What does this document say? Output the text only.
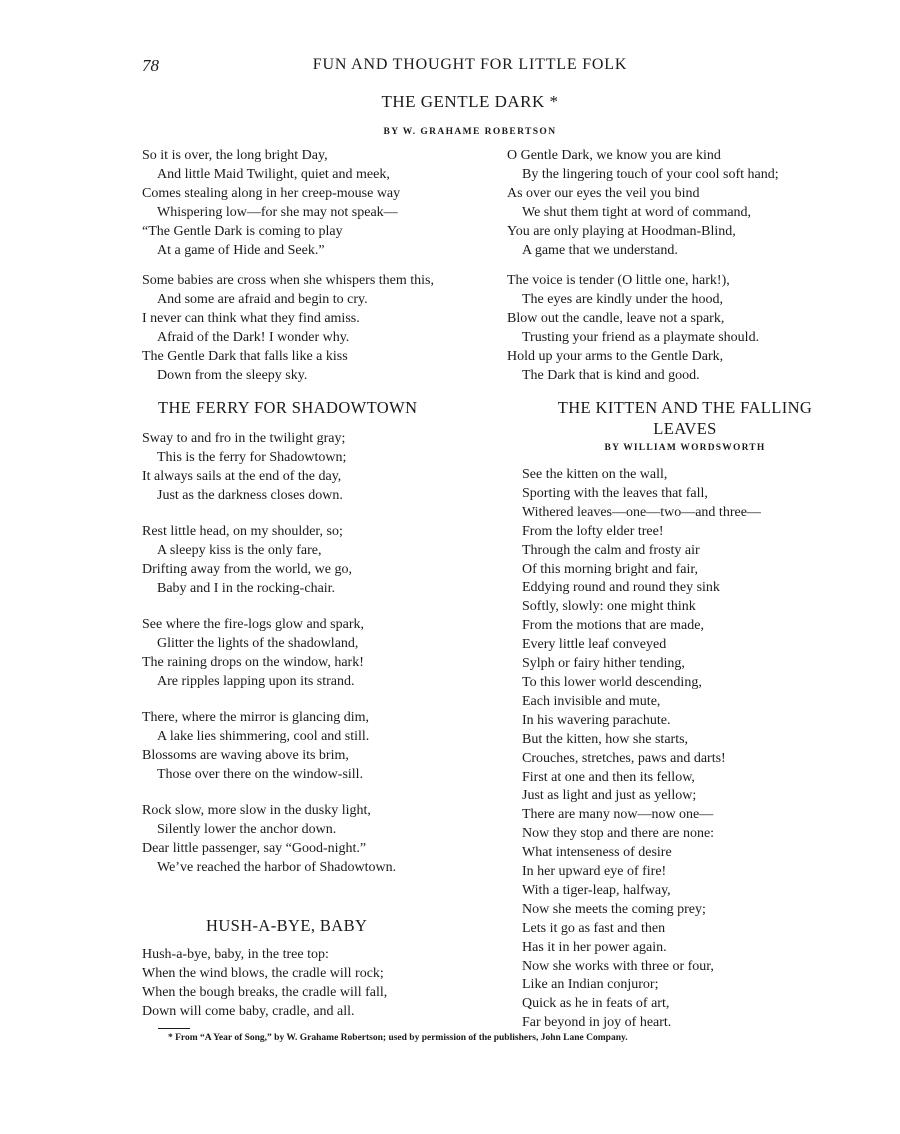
78	FUN AND THOUGHT FOR LITTLE FOLK
THE GENTLE DARK *
BY W. GRAHAME ROBERTSON
So it is over, the long bright Day,
And little Maid Twilight, quiet and meek,
Comes stealing along in her creep-mouse way
Whispering low—for she may not speak—
“The Gentle Dark is coming to play
At a game of Hide and Seek.”
Some babies are cross when she whispers them this,
And some are afraid and begin to cry.
I never can think what they find amiss.
Afraid of the Dark! I wonder why.
The Gentle Dark that falls like a kiss
Down from the sleepy sky.
O Gentle Dark, we know you are kind
By the lingering touch of your cool soft hand;
As over our eyes the veil you bind
We shut them tight at word of command,
You are only playing at Hoodman-Blind,
A game that we understand.
The voice is tender (O little one, hark!),
The eyes are kindly under the hood,
Blow out the candle, leave not a spark,
Trusting your friend as a playmate should.
Hold up your arms to the Gentle Dark,
The Dark that is kind and good.
THE FERRY FOR SHADOWTOWN
Sway to and fro in the twilight gray;
This is the ferry for Shadowtown;
It always sails at the end of the day,
Just as the darkness closes down.
Rest little head, on my shoulder, so;
A sleepy kiss is the only fare,
Drifting away from the world, we go,
Baby and I in the rocking-chair.
See where the fire-logs glow and spark,
Glitter the lights of the shadowland,
The raining drops on the window, hark!
Are ripples lapping upon its strand.
There, where the mirror is glancing dim,
A lake lies shimmering, cool and still.
Blossoms are waving above its brim,
Those over there on the window-sill.
Rock slow, more slow in the dusky light,
Silently lower the anchor down.
Dear little passenger, say “Good-night.”
We’ve reached the harbor of Shadowtown.
HUSH-A-BYE, BABY
Hush-a-bye, baby, in the tree top:
When the wind blows, the cradle will rock;
When the bough breaks, the cradle will fall,
Down will come baby, cradle, and all.
THE KITTEN AND THE FALLING
LEAVES
BY WILLIAM WORDSWORTH
See the kitten on the wall,
Sporting with the leaves that fall,
Withered leaves—one—two—and three—
From the lofty elder tree!
Through the calm and frosty air
Of this morning bright and fair,
Eddying round and round they sink
Softly, slowly: one might think
From the motions that are made,
Every little leaf conveyed
Sylph or fairy hither tending,
To this lower world descending,
Each invisible and mute,
In his wavering parachute.
But the kitten, how she starts,
Crouches, stretches, paws and darts!
First at one and then its fellow,
Just as light and just as yellow;
There are many now—now one—
Now they stop and there are none:
What intenseness of desire
In her upward eye of fire!
With a tiger-leap, halfway,
Now she meets the coming prey;
Lets it go as fast and then
Has it in her power again.
Now she works with three or four,
Like an Indian conjuror;
Quick as he in feats of art,
Far beyond in joy of heart.
* From “A Year of Song,” by W. Grahame Robertson; used by permission of the publishers, John Lane Company.
